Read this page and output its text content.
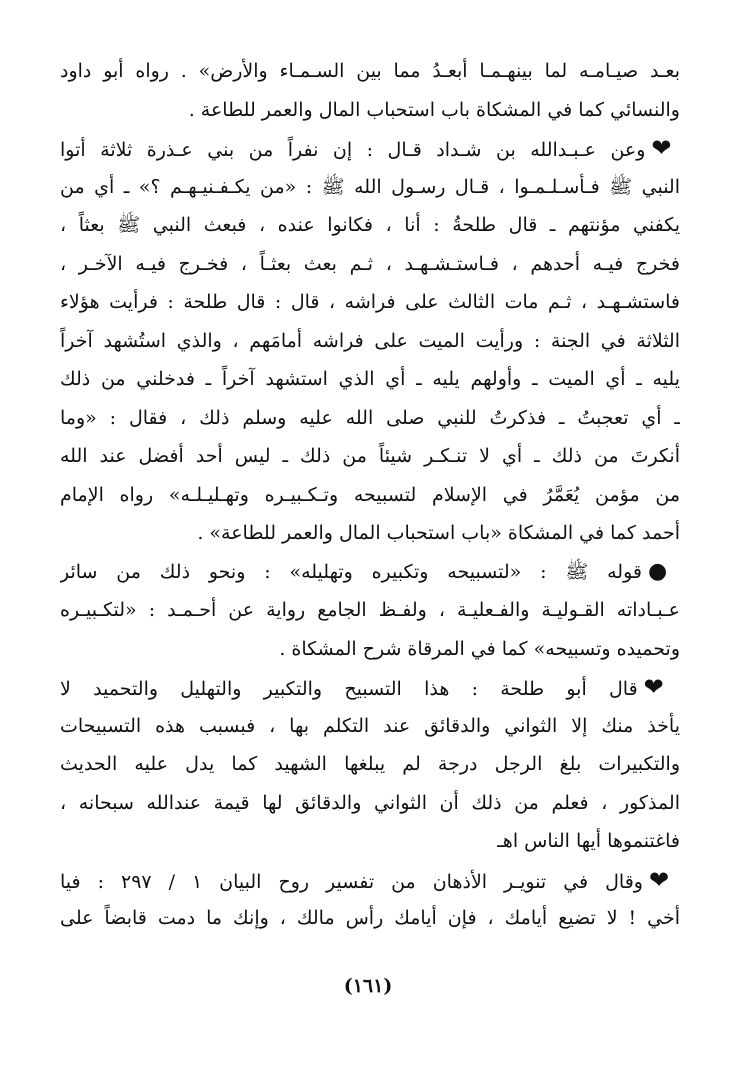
بعـد صيـامـه لما بينهـمـا أبعـدُ مما بين السـمـاء والأرض» . رواه أبو داود
والنسائي كما في المشكاة باب استحباب المال والعمر للطاعة .
❤وعن عـبـدالله بن شـداد قـال : إن نفراً من بني عـذرة ثلاثة أتوا
النبي ﷺ فـأسـلـمـوا ، قـال رسـول الله ﷺ : «من يكـفـنيـهـم ؟» ـ أي من
يكفني مؤنتهم ـ قال طلحةُ : أنا ، فكانوا عنده ، فبعث النبي ﷺ بعثاً ،
فخرج فيـه أحدهم ، فـاستـشـهـد ، ثـم بعث بعثـاً ، فخـرج فيـه الآخـر ،
فاستشـهـد ، ثـم مات الثالث على فراشه ، قال : قال طلحة : فرأيت هؤلاء
الثلاثة في الجنة : ورأيت الميت على فراشه أمامَهم ، والذي استُشهد آخراً
يليه ـ أي الميت ـ وأولهم يليه ـ أي الذي استشهد آخراً ـ فدخلني من ذلك
ـ أي تعجبتُ ـ فذكرتُ للنبي صلى الله عليه وسلم ذلك ، فقال : «وما
أنكرتَ من ذلك ـ أي لا تنـكـر شيئاً من ذلك ـ ليس أحد أفضل عند الله
من مؤمن يُعَمَّرُ في الإسلام لتسبيحه وتـكـبيـره وتهـليـلـه» رواه الإمام
أحمد كما في المشكاة «باب استحباب المال والعمر للطاعة» .
●قوله ﷺ : «لتسبيحه وتكبيره وتهليله» : ونحو ذلك من سائر
عـبـاداته القـوليـة والفـعليـة ، ولفـظ الجامع رواية عن أحـمـد : «لتكـبيـره
وتحميده وتسبيحه» كما في المرقاة شرح المشكاة .
❤قال أبو طلحة : هذا التسبيح والتكبير والتهليل والتحميد لا
يأخذ منك إلا الثواني والدقائق عند التكلم بها ، فبسبب هذه التسبيحات
والتكبيرات بلغ الرجل درجة لم يبلغها الشهيد كما يدل عليه الحديث
المذكور ، فعلم من ذلك أن الثواني والدقائق لها قيمة عندالله سبحانه ،
فاغتنموها أيها الناس اهـ
❤وقال في تنويـر الأذهان من تفسير روح البيان ١ / ٢٩٧ : فيا
أخي ! لا تضيع أيامك ، فإن أيامك رأس مالك ، وإنك ما دمت قابضاً على
(١٦١)
